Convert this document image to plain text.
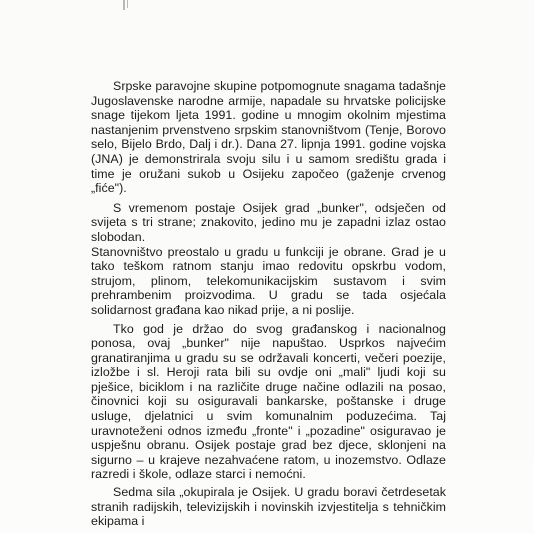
Srpske paravojne skupine potpomognute snagama tadašnje Jugoslavenske narodne armije, napadale su hrvatske policijske snage tijekom ljeta 1991. godine u mnogim okolnim mjestima nastanjenim prvenstveno srpskim stanovništvom (Tenje, Borovo selo, Bijelo Brdo, Dalj i dr.). Dana 27. lipnja 1991. godine vojska (JNA) je demonstrirala svoju silu i u samom središtu grada i time je oružani sukob u Osijeku započeo (gaženje crvenog „fiće").

S vremenom postaje Osijek grad „bunker", odsječen od svijeta s tri strane; znakovito, jedino mu je zapadni izlaz ostao slobodan.

Stanovništvo preostalo u gradu u funkciji je obrane. Grad je u tako teškom ratnom stanju imao redovitu opskrbu vodom, strujom, plinom, telekomunikacijskim sustavom i svim prehrambenim proizvodima. U gradu se tada osjećala solidarnost građana kao nikad prije, a ni poslije.

Tko god je držao do svog građanskog i nacionalnog ponosa, ovaj „bunker" nije napuštao. Usprkos najvećim granatiranjima u gradu su se održavali koncerti, večeri poezije, izložbe i sl. Heroji rata bili su ovdje oni „mali" ljudi koji su pješice, biciklom i na različite druge načine odlazili na posao, činovnici koji su osiguravali bankarske, poštanske i druge usluge, djelatnici u svim komunalnim poduzećima. Taj uravnoteženi odnos između „fronte" i „pozadine" osiguravao je uspješnu obranu. Osijek postaje grad bez djece, sklonjeni na sigurno – u krajeve nezahvaćene ratom, u inozemstvo. Odlaze razredi i škole, odlaze starci i nemoćni.

Sedma sila „okupirala je Osijek. U gradu boravi četrdesetak stranih radijskih, televizijskih i novinskih izvjestitelja s tehničkim ekipama i
